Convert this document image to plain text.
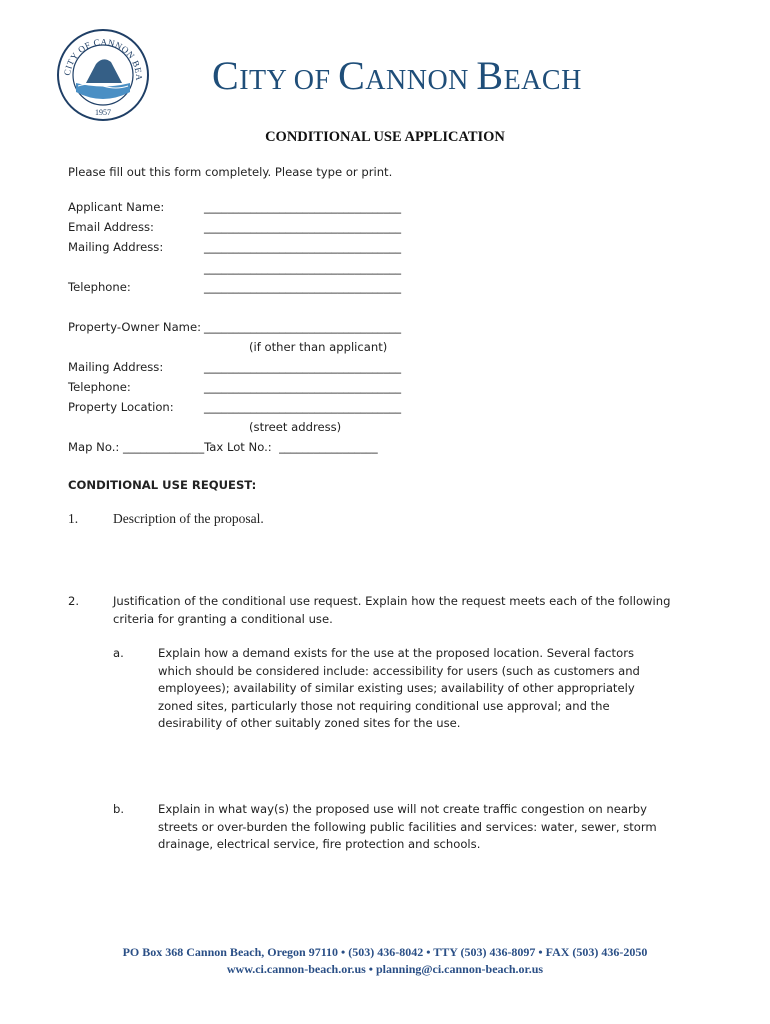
CITY OF CANNON BEA
1957
CITY OF CANNON BEACH
CONDITIONAL USE APPLICATION
Please fill out this form completely. Please type or print.
Applicant Name:	__________________________________
Email Address:	__________________________________
Mailing Address:	__________________________________
__________________________________
Telephone:	__________________________________
Property-Owner Name: __________________________________
(if other than applicant)
Mailing Address:	__________________________________
Telephone:	__________________________________
Property Location:	__________________________________
(street address)
Map No.: ______________Tax Lot No.:  _________________
CONDITIONAL USE REQUEST:
1.	Description of the proposal.
2.	Justification of the conditional use request. Explain how the request meets each of the following criteria for granting a conditional use.
a.	Explain how a demand exists for the use at the proposed location. Several factors which should be considered include: accessibility for users (such as customers and employees); availability of similar existing uses; availability of other appropriately zoned sites, particularly those not requiring conditional use approval; and the desirability of other suitably zoned sites for the use.
b.	Explain in what way(s) the proposed use will not create traffic congestion on nearby streets or over-burden the following public facilities and services: water, sewer, storm drainage, electrical service, fire protection and schools.
PO Box 368 Cannon Beach, Oregon 97110 • (503) 436-8042 • TTY (503) 436-8097 • FAX (503) 436-2050
www.ci.cannon-beach.or.us • planning@ci.cannon-beach.or.us
